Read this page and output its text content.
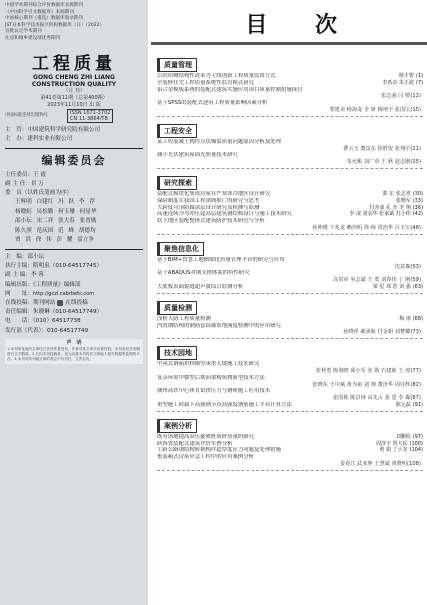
中国学术期刊综合评价数据库来源期刊
《中国科学引文数据库》来源期刊
中国核心期刊（遴选）数据库收录期刊
JST日本科学技术振兴机构数据库（日）（2022）
首批认定学术期刊
住房和城乡建设部优秀期刊
工程质量
GONG CHENG ZHI LIANG
CONSTRUCTION QUALITY
（月 刊）
第41卷第11期（总第400期）
2023年11月10日 出 版
中国标准连续出版物号	ISSN 1671-3702
CN 11-3864/TB
主　管：中国建筑科学研究院有限公司
主　办：建科实业有限公司
编辑委员会
主任委员：王 霞
副 主 任：景 万
委　员（以姓氏笔画为序）
王辉明 白建红 冯 跃 李 荐
杨晓虹 吴松勤 何玉珊 何星华
邵小坛 宋二祥 张大春 张晋勋
陈久照 范庆国 范 峰 胡德均
贾 洪 徐 伟 彭 耀 雷立争
主　编：邵小坛
执行主编：隋明泉（010-64517745）
副 主 编：李 蓉
编辑出版：《工程质量》编辑部
网　　址：http://gczl.cabrbetc.com
在线投稿：期刊网站 在线投稿
责任编辑：朱晓琳（010-64517749）
电　　话：（010）64517738
发行部（代表）：010-64517749
声　明
1.本刊所发表的文章均已获得作者授权，作者对其文章享有著作权。本刊有权对来稿进行文字删改。2.凡向本刊投稿者，视为同意本刊将其文章编入相关数据库及网络平台。3.本刊对所刊载文章的观点不负责任，文责自负。
目 次
质量管理
以供给侧结构性改革为主线创新工程质量监督方式	杨丰智 (1)
全装修住宅工程质量系统性监管模式研究	李希奇 朱正波 (7)
铝合金模板系统的装配式建筑实施应用项目质量控制措施探讨
张志强 闫 媛(12)
基于SPSS的装配式建筑工程质量影响因素分析
蒙建美 杨海龙 李 妍 梅靖宇 张国宝(15)
工程安全
某工程混凝土构件点状爆裂质量问题原因分析及处理
曹云玉 董彦东 徐胜安 张翔宇(21)
减小光伏建筑屋面光照量技术研究
朱允彬 刘广章 王 秋 赵志刚(25)
研究探索
装配式模块化集成房屋在严寒寒冷地区设计研究	郭 宏 张志喜 (30)
保险制度在我国工程领域推广的研究与思考	张晓军 (33)
大跨度穹顶防腐涂层设计研究及检测与监测	付亦成 孔 杰 李 翔 (36)
高速连续冷弯冲压超高层建筑钢结构设计与施工技术研究	李 凌 刘金华 张家斌 苏小炜 (42)
软土地区装配整体式建筑防护技术研究与分析
孙伸瑾 卞兆龙 赖伟明 徐 杨 常治华 吕玉宝(48)
聚焦信息化
基于BIM+智慧工地精细化质量管理平台的研究与应用
沈意森(53)
基于ABAQUS对钢支撑体系的特性研究
高贵章 巫志斌 王 勇 刘春伟 丁 刚(59)
大底板表面裂缝超声波综合监测分析	梁 星 邓 浩 刘 强 (63)
质量检测
浅析人防工程质量检测	梅 雨 (68)
内置钢结构的钢筋套筒灌浆饱满度检测中的应用研究
孙晓祥 郝承航 付金娟 刘梦璐(73)
技术园地
中承式钢箱拱桥横竖承重关键施工技术研究
张利勇 陈海鸥 邱小军 张 勋 石建新 王 涛(77)
复杂环境中微型后期高架构筑物新型技术方法
张晓东 王中斌 黄为甫 刘 翔 董泽华 周任辉(82)
潮州高铁中心体育馆拱压力与钢索施工应用技术
张国栋 陈景林 高先占 姜 恩 李 森(87)
重型施工荷载下高强钢节点高强度钢筋施工平台计算方法	陈元磊 (91)
案例分析
既有场地提高高压旋喷桩成桩质量的研究	刘鹏程 (97)
陕西省装配式建筑评价实例分析	周泽宇 贾大民 (100)
主跨公路钢结构转换构件超厚度应力问题及处理措施	黄 娟 丁小龙 (104)
集装箱式房屋应急工程中的应用案例分析
姜春江 武亚坤 王慧斌 黄晓明(108)
